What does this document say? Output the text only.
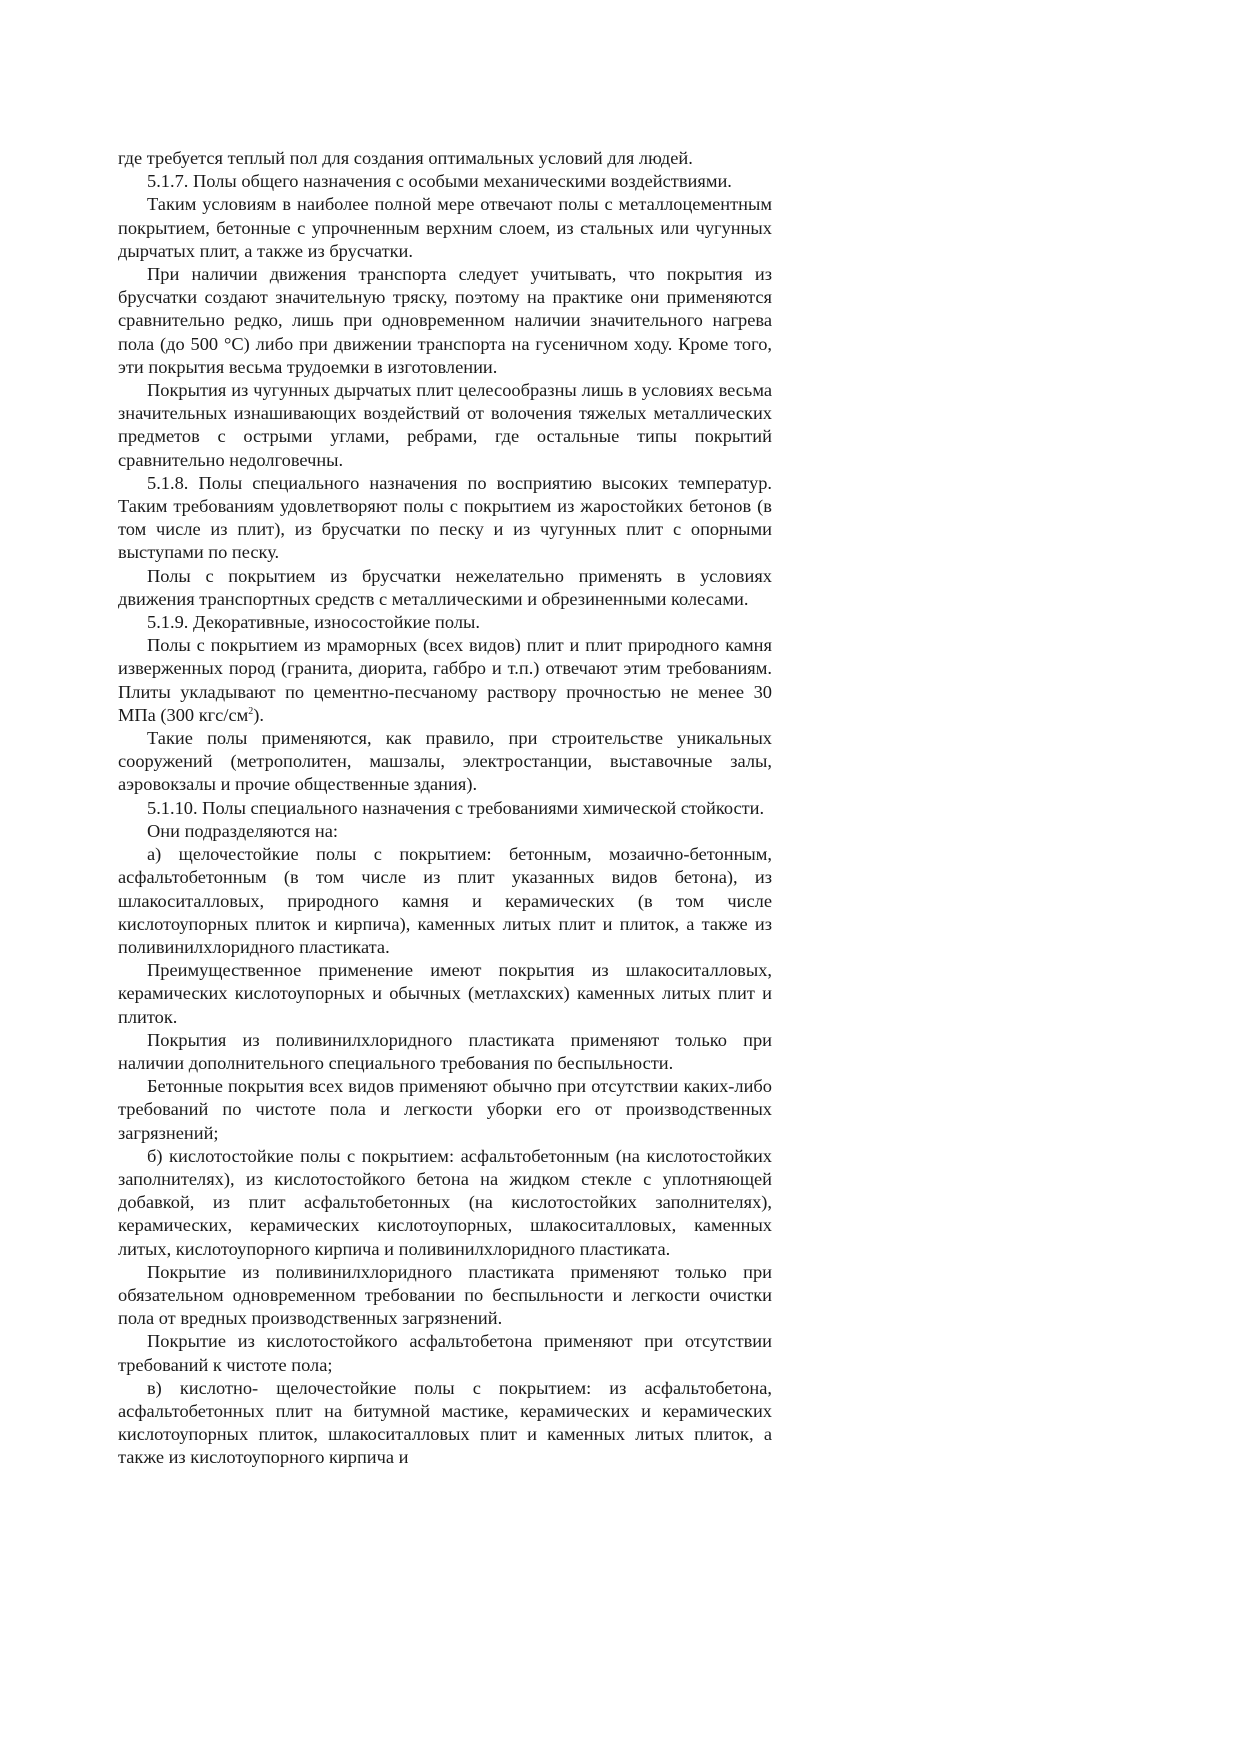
где требуется теплый пол для создания оптимальных условий для людей.

5.1.7. Полы общего назначения с особыми механическими воздействиями.

Таким условиям в наиболее полной мере отвечают полы с металлоцементным покрытием, бетонные с упрочненным верхним слоем, из стальных или чугунных дырчатых плит, а также из брусчатки.

При наличии движения транспорта следует учитывать, что покрытия из брусчатки создают значительную тряску, поэтому на практике они применяются сравнительно редко, лишь при одновременном наличии значительного нагрева пола (до 500 °С) либо при движении транспорта на гусеничном ходу. Кроме того, эти покрытия весьма трудоемки в изготовлении.

Покрытия из чугунных дырчатых плит целесообразны лишь в условиях весьма значительных изнашивающих воздействий от волочения тяжелых металлических предметов с острыми углами, ребрами, где остальные типы покрытий сравнительно недолговечны.

5.1.8. Полы специального назначения по восприятию высоких температур. Таким требованиям удовлетворяют полы с покрытием из жаростойких бетонов (в том числе из плит), из брусчатки по песку и из чугунных плит с опорными выступами по песку.

Полы с покрытием из брусчатки нежелательно применять в условиях движения транспортных средств с металлическими и обрезиненными колесами.

5.1.9. Декоративные, износостойкие полы.

Полы с покрытием из мраморных (всех видов) плит и плит природного камня изверженных пород (гранита, диорита, габбро и т.п.) отвечают этим требованиям. Плиты укладывают по цементно-песчаному раствору прочностью не менее 30 МПа (300 кгс/$см^2$).

Такие полы применяются, как правило, при строительстве уникальных сооружений (метрополитен, машзалы, электростанции, выставочные залы, аэровокзалы и прочие общественные здания).

5.1.10. Полы специального назначения с требованиями химической стойкости.

Они подразделяются на:

а) щелочестойкие полы с покрытием: бетонным, мозаично-бетонным, асфальтобетонным (в том числе из плит указанных видов бетона), из шлакоситалловых, природного камня и керамических (в том числе кислотоупорных плиток и кирпича), каменных литых плит и плиток, а также из поливинилхлоридного пластиката.

Преимущественное применение имеют покрытия из шлакоситалловых, керамических кислотоупорных и обычных (метлахских) каменных литых плит и плиток.

Покрытия из поливинилхлоридного пластиката применяют только при наличии дополнительного специального требования по беспыльности.

Бетонные покрытия всех видов применяют обычно при отсутствии каких-либо требований по чистоте пола и легкости уборки его от производственных загрязнений;

б) кислотостойкие полы с покрытием: асфальтобетонным (на кислотостойких заполнителях), из кислотостойкого бетона на жидком стекле с уплотняющей добавкой, из плит асфальтобетонных (на кислотостойких заполнителях), керамических, керамических кислотоупорных, шлакоситалловых, каменных литых, кислотоупорного кирпича и поливинилхлоридного пластиката.

Покрытие из поливинилхлоридного пластиката применяют только при обязательном одновременном требовании по беспыльности и легкости очистки пола от вредных производственных загрязнений.

Покрытие из кислотостойкого асфальтобетона применяют при отсутствии требований к чистоте пола;

в) кислотно- щелочестойкие полы с покрытием: из асфальтобетона, асфальтобетонных плит на битумной мастике, керамических и керамических кислотоупорных плиток, шлакоситалловых плит и каменных литых плиток, а также из кислотоупорного кирпича и
